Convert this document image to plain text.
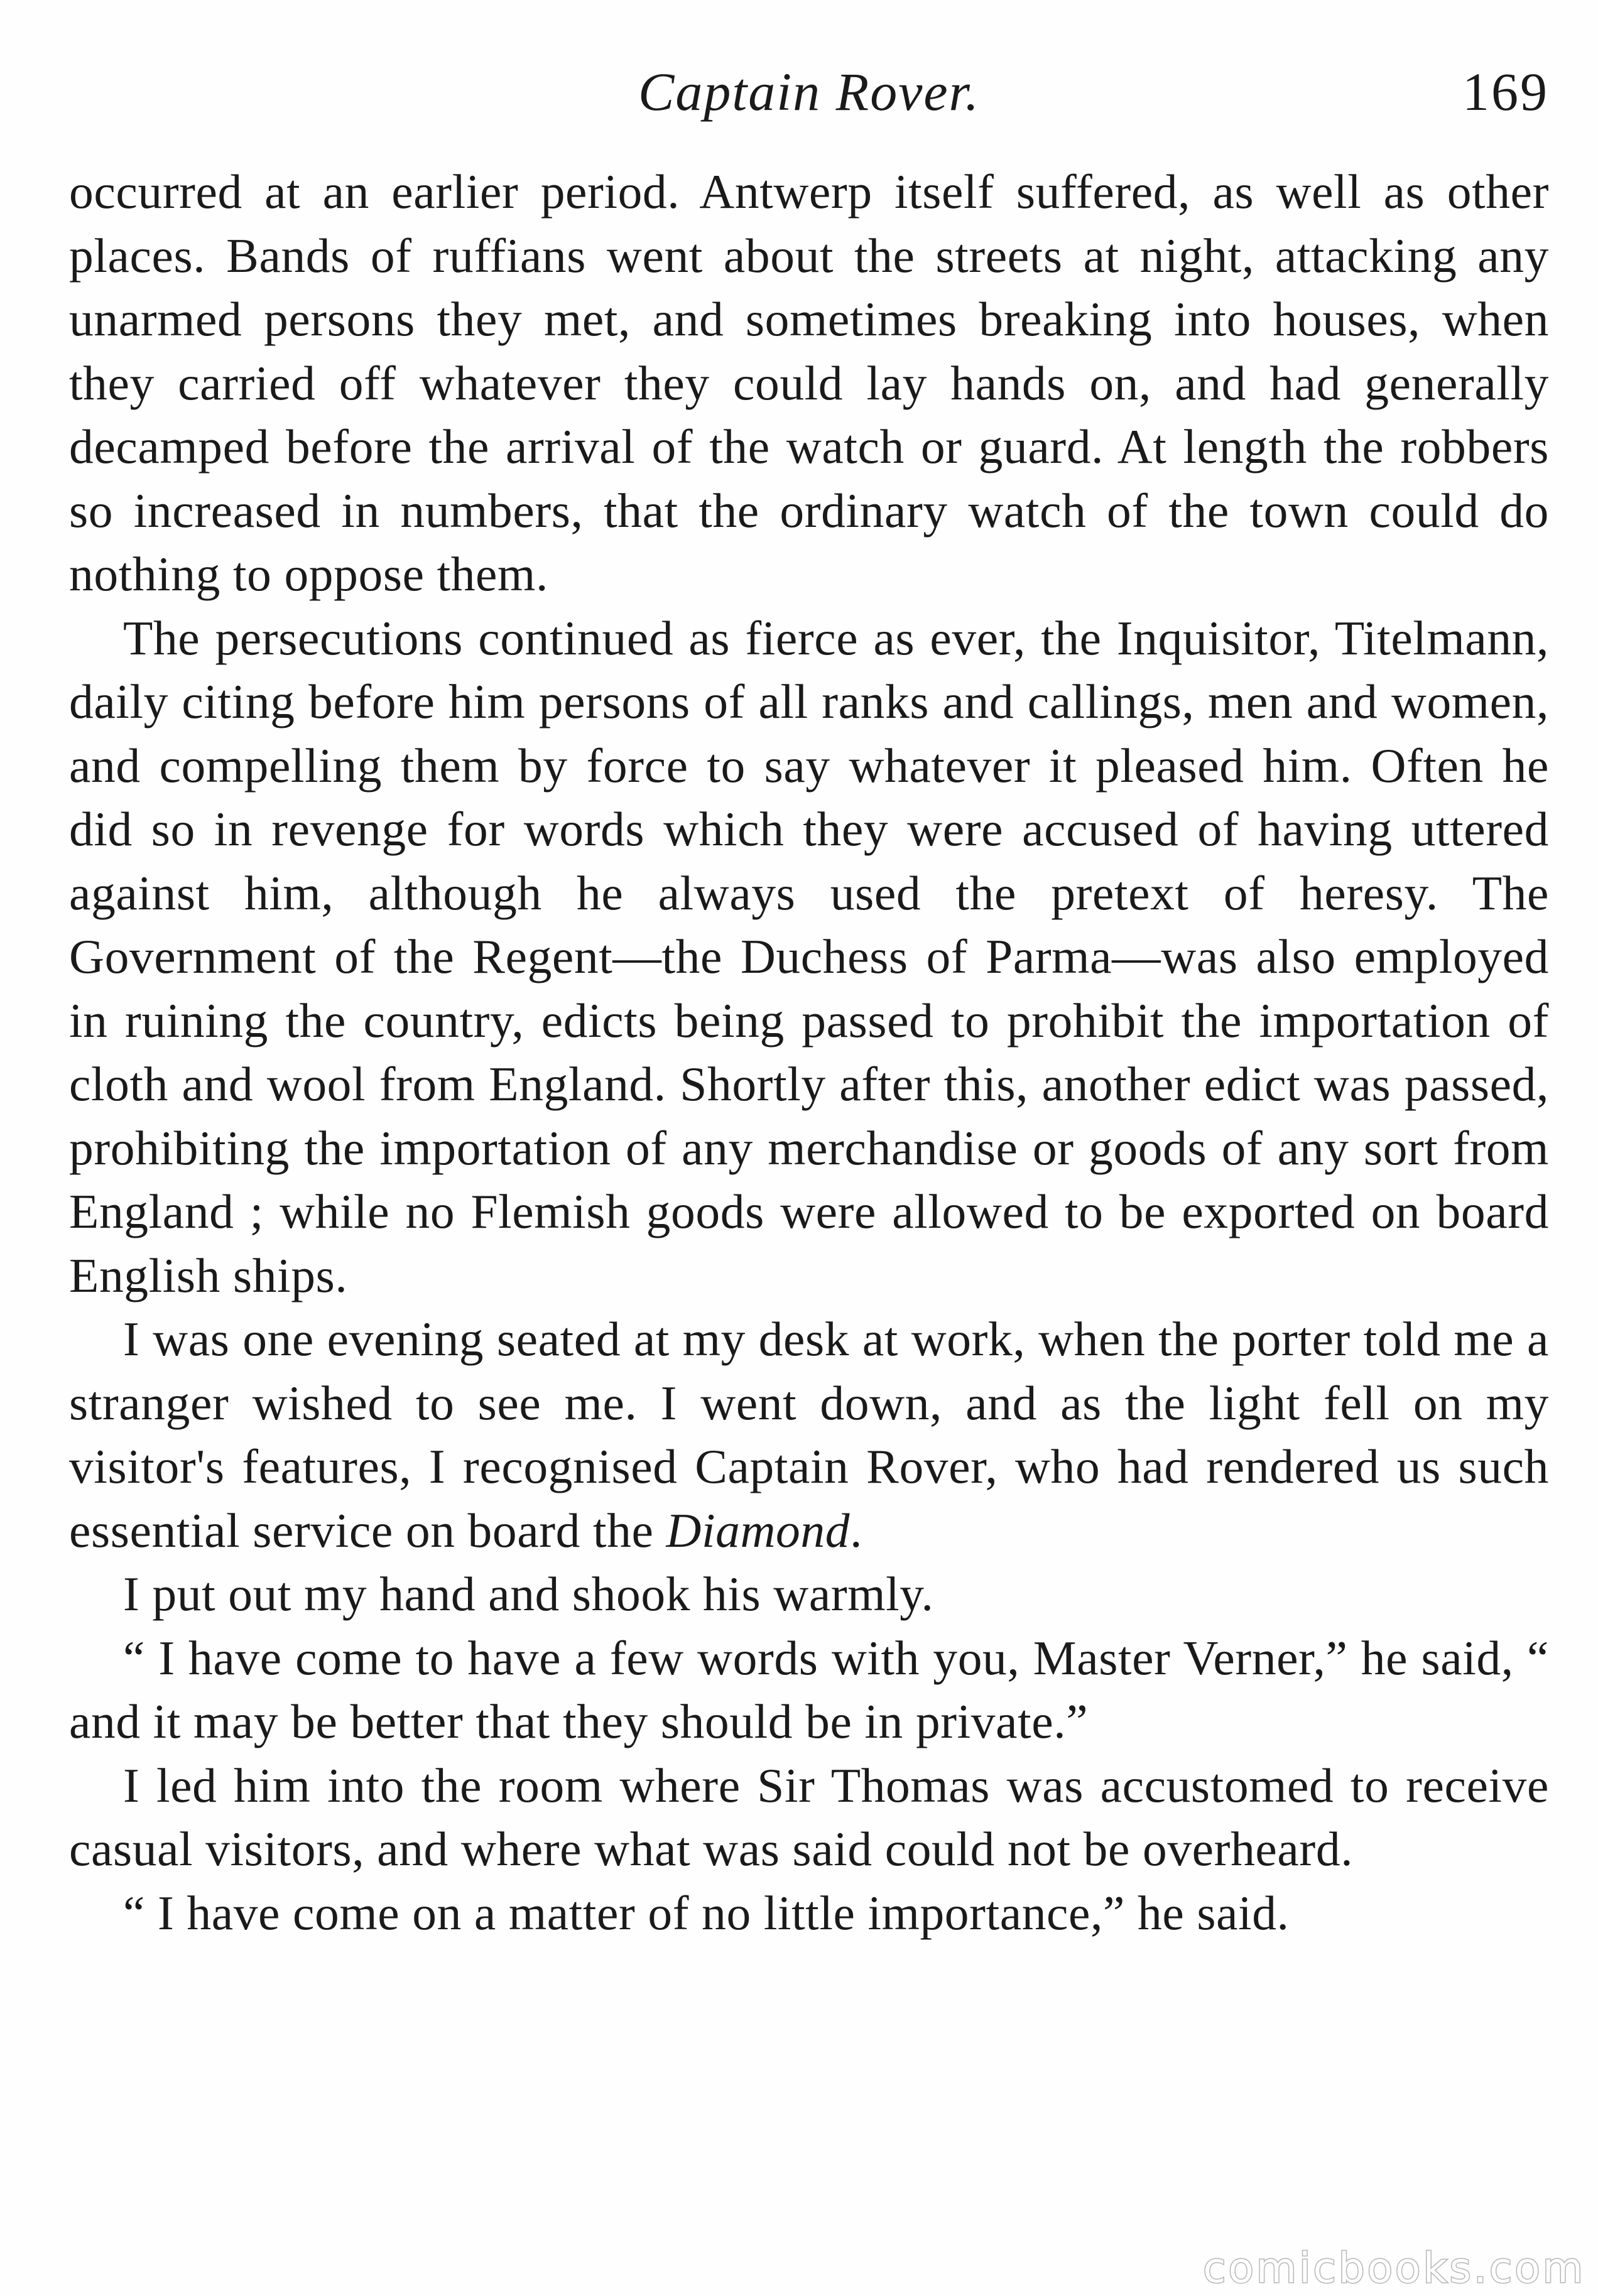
Captain Rover.	169

occurred at an earlier period. Antwerp itself suffered, as well as other places. Bands of ruffians went about the streets at night, attacking any unarmed persons they met, and sometimes breaking into houses, when they carried off whatever they could lay hands on, and had generally decamped before the arrival of the watch or guard. At length the robbers so increased in numbers, that the ordinary watch of the town could do nothing to oppose them.

The persecutions continued as fierce as ever, the Inquisitor, Titelmann, daily citing before him persons of all ranks and callings, men and women, and compelling them by force to say whatever it pleased him. Often he did so in revenge for words which they were accused of having uttered against him, although he always used the pretext of heresy. The Government of the Regent—the Duchess of Parma—was also employed in ruining the country, edicts being passed to prohibit the importation of cloth and wool from England. Shortly after this, another edict was passed, prohibiting the importation of any merchandise or goods of any sort from England ; while no Flemish goods were allowed to be exported on board English ships.

I was one evening seated at my desk at work, when the porter told me a stranger wished to see me. I went down, and as the light fell on my visitor's features, I recognised Captain Rover, who had rendered us such essential service on board the Diamond.

I put out my hand and shook his warmly.

“ I have come to have a few words with you, Master Verner,” he said, “ and it may be better that they should be in private.”

I led him into the room where Sir Thomas was accustomed to receive casual visitors, and where what was said could not be overheard.

“ I have come on a matter of no little importance,” he said.

comicbooks.com
